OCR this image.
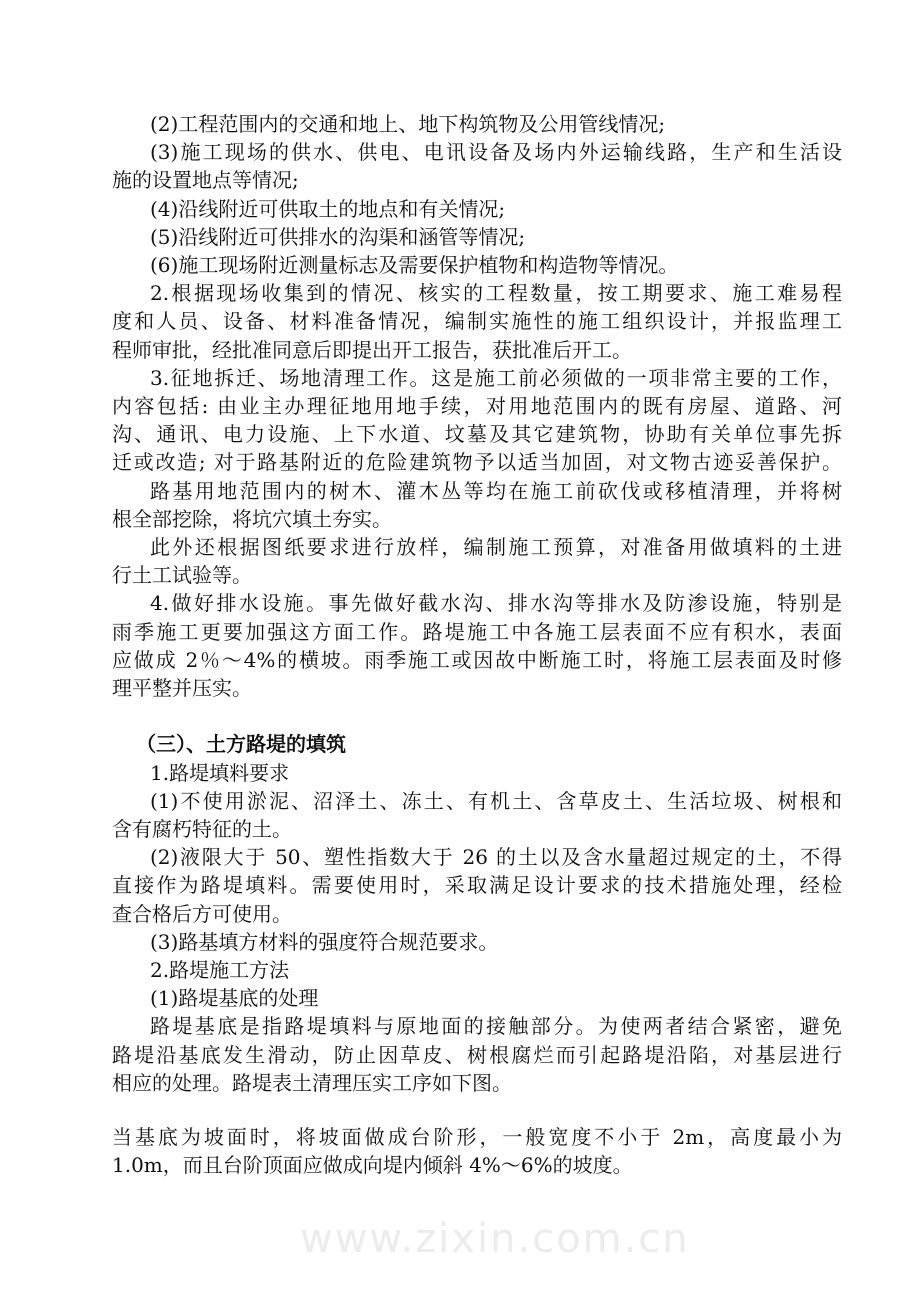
www.zixin.com.cn
(2)工程范围内的交通和地上、地下构筑物及公用管线情况;
(3)施工现场的供水、供电、电讯设备及场内外运输线路，生产和生活设
施的设置地点等情况;
(4)沿线附近可供取土的地点和有关情况;
(5)沿线附近可供排水的沟渠和涵管等情况;
(6)施工现场附近测量标志及需要保护植物和构造物等情况。
2.根据现场收集到的情况、核实的工程数量，按工期要求、施工难易程
度和人员、设备、材料准备情况，编制实施性的施工组织设计，并报监理工
程师审批，经批准同意后即提出开工报告，获批准后开工。
3.征地拆迁、场地清理工作。这是施工前必须做的一项非常主要的工作，
内容包括: 由业主办理征地用地手续，对用地范围内的既有房屋、道路、河
沟、通讯、电力设施、上下水道、坟墓及其它建筑物，协助有关单位事先拆
迁或改造; 对于路基附近的危险建筑物予以适当加固，对文物古迹妥善保护。
路基用地范围内的树木、灌木丛等均在施工前砍伐或移植清理，并将树
根全部挖除，将坑穴填土夯实。
此外还根据图纸要求进行放样，编制施工预算，对准备用做填料的土进
行土工试验等。
4.做好排水设施。事先做好截水沟、排水沟等排水及防渗设施，特别是
雨季施工更要加强这方面工作。路堤施工中各施工层表面不应有积水，表面
应做成 2％～4%的横坡。雨季施工或因故中断施工时，将施工层表面及时修
理平整并压实。
（三）、土方路堤的填筑
1.路堤填料要求
(1)不使用淤泥、沼泽土、冻土、有机土、含草皮土、生活垃圾、树根和
含有腐朽特征的土。
(2)液限大于 50、塑性指数大于 26 的土以及含水量超过规定的土，不得
直接作为路堤填料。需要使用时，采取满足设计要求的技术措施处理，经检
查合格后方可使用。
(3)路基填方材料的强度符合规范要求。
2.路堤施工方法
(1)路堤基底的处理
路堤基底是指路堤填料与原地面的接触部分。为使两者结合紧密，避免
路堤沿基底发生滑动，防止因草皮、树根腐烂而引起路堤沿陷，对基层进行
相应的处理。路堤表土清理压实工序如下图。
当基底为坡面时，将坡面做成台阶形，一般宽度不小于 2m，高度最小为
1.0m，而且台阶顶面应做成向堤内倾斜 4%～6%的坡度。
